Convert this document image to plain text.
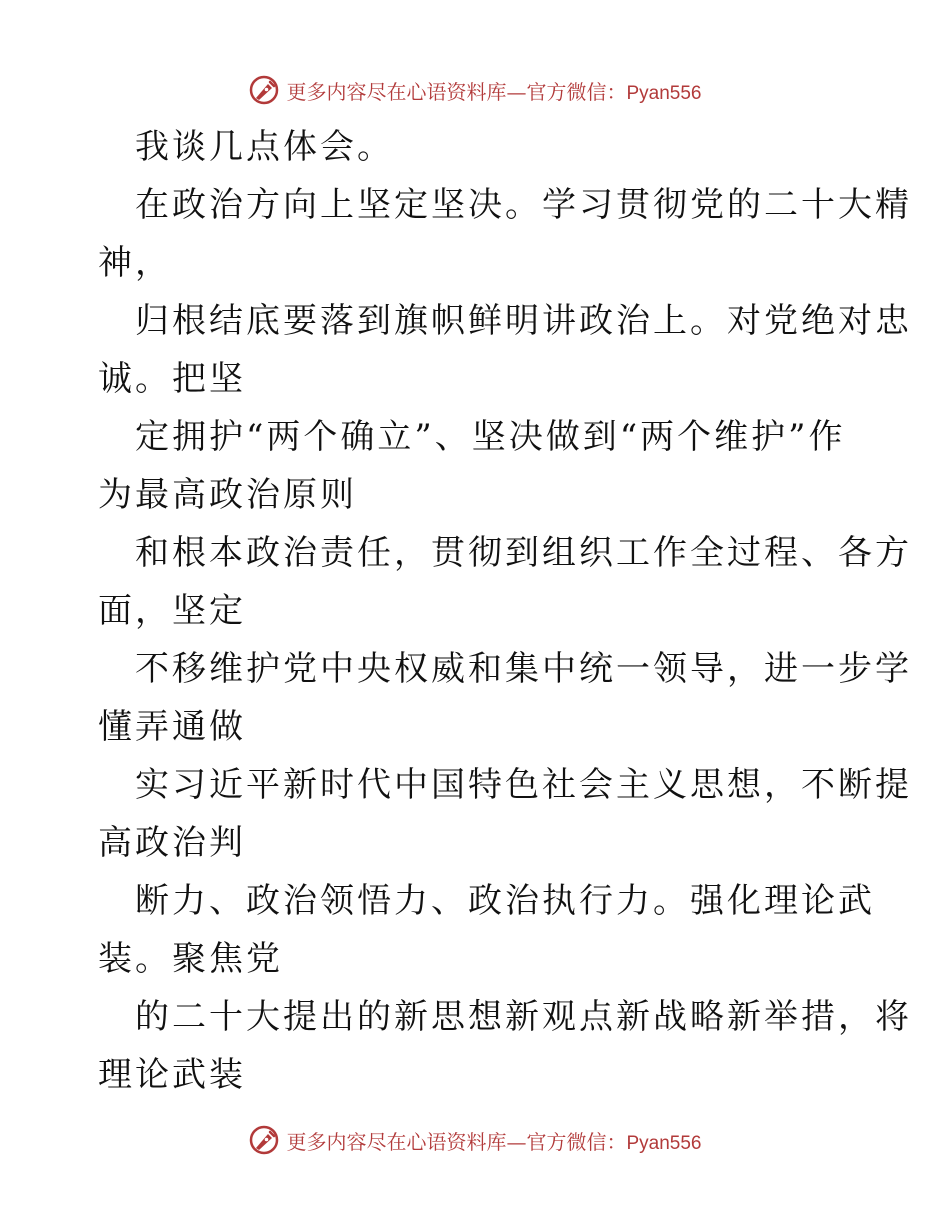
更多内容尽在心语资料库—官方微信：Pyan556
我谈几点体会。
在政治方向上坚定坚决。学习贯彻党的二十大精
神，
归根结底要落到旗帜鲜明讲政治上。对党绝对忠
诚。把坚
定拥护“两个确立”、坚决做到“两个维护”作
为最高政治原则
和根本政治责任，贯彻到组织工作全过程、各方
面，坚定
不移维护党中央权威和集中统一领导，进一步学
懂弄通做
实习近平新时代中国特色社会主义思想，不断提
高政治判
断力、政治领悟力、政治执行力。强化理论武
装。聚焦党
的二十大提出的新思想新观点新战略新举措，将
理论武装
更多内容尽在心语资料库—官方微信：Pyan556
